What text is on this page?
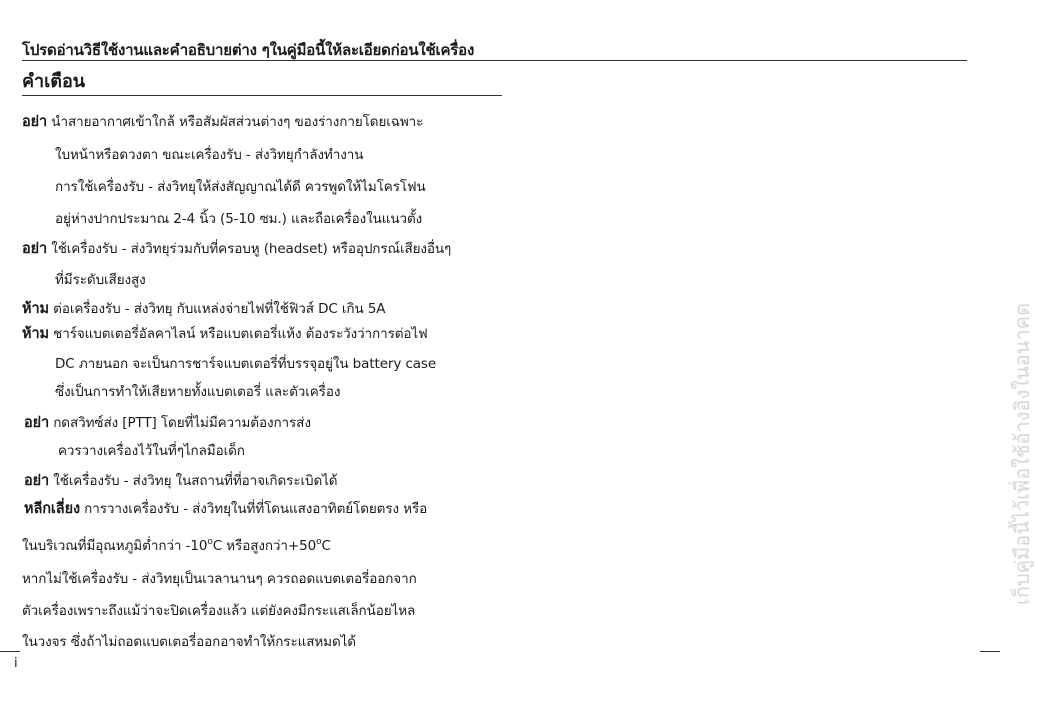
โปรดอ่านวิธีใช้งานและคำอธิบายต่าง ๆในคู่มือนี้ให้ละเอียดก่อนใช้เครื่อง
คำเตือน
อย่า นำสายอากาศเข้าใกล้ หรือสัมผัสส่วนต่างๆ ของร่างกายโดยเฉพาะ
ใบหน้าหรือดวงตา ขณะเครื่องรับ - ส่งวิทยุกำลังทำงาน
การใช้เครื่องรับ - ส่งวิทยุให้ส่งสัญญาณได้ดี ควรพูดให้ไมโครโฟน
อยู่ห่างปากประมาณ 2-4 นิ้ว (5-10 ซม.) และถือเครื่องในแนวตั้ง
อย่า ใช้เครื่องรับ - ส่งวิทยุร่วมกับที่ครอบหู (headset) หรืออุปกรณ์เสียงอื่นๆ
ที่มีระดับเสียงสูง
ห้าม ต่อเครื่องรับ - ส่งวิทยุ กับแหล่งจ่ายไฟที่ใช้ฟิวส์ DC เกิน 5A
ห้าม ชาร์จแบตเตอรี่อัลคาไลน์ หรือแบตเตอรี่แห้ง ต้องระวังว่าการต่อไฟ
DC ภายนอก จะเป็นการชาร์จแบตเตอรี่ที่บรรจุอยู่ใน battery case
ซึ่งเป็นการทำให้เสียหายทั้งแบตเตอรี่ และตัวเครื่อง
อย่า กดสวิทซ์ส่ง [PTT] โดยที่ไม่มีความต้องการส่ง
ควรวางเครื่องไว้ในที่ๆไกลมือเด็ก
อย่า ใช้เครื่องรับ - ส่งวิทยุ ในสถานที่ที่อาจเกิดระเบิดได้
หลีกเลี่ยง การวางเครื่องรับ - ส่งวิทยุในที่ที่โดนแสงอาทิตย์โดยตรง หรือ
ในบริเวณที่มีอุณหภูมิต่ำกว่า -10$^o$C หรือสูงกว่า$+50^oC$
หากไม่ใช้เครื่องรับ - ส่งวิทยุเป็นเวลานานๆ ควรถอดแบตเตอรี่ออกจาก
ตัวเครื่องเพราะถึงแม้ว่าจะปิดเครื่องแล้ว แต่ยังคงมีกระแสเล็กน้อยไหล
ในวงจร ซึ่งถ้าไม่ถอดแบตเตอรี่ออกอาจทำให้กระแสหมดได้
เก็บคู่มือนี้ไว้เพื่อใช้อ้างอิงในอนาคต
i
